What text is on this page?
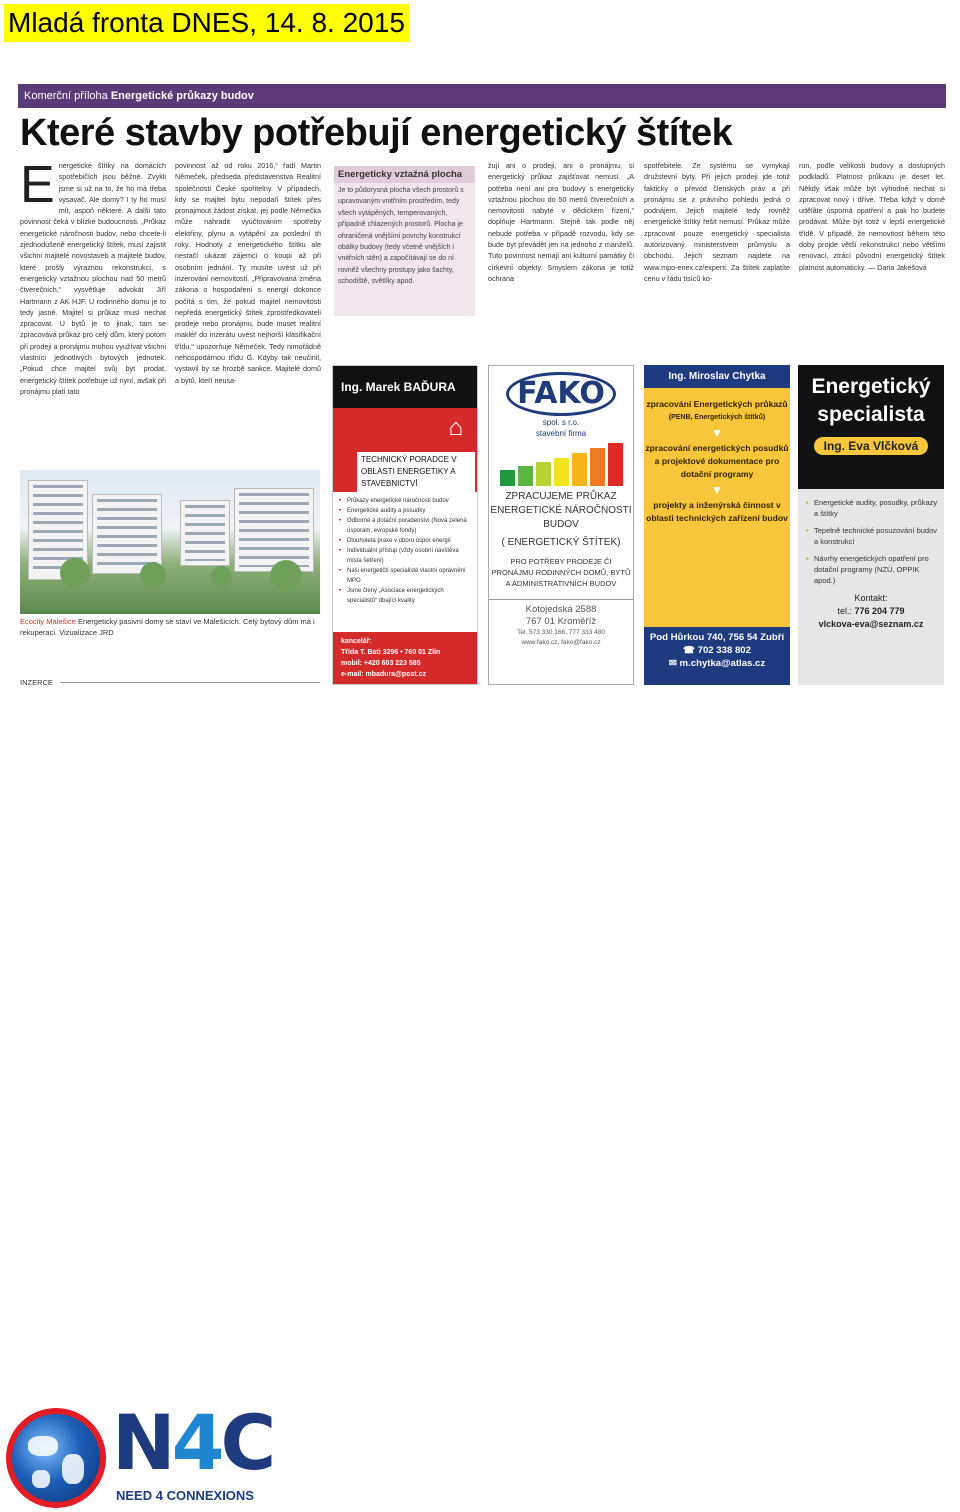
Mladá fronta DNES, 14. 8. 2015
Komerční příloha Energetické průkazy budov
Které stavby potřebují energetický štítek
E nergetické štítky na domácích spotřebičích jsou běžné. Zvykli jsme si už na to, že ho má třeba vysavač. Ale domy? I ty ho musí mít, aspoň některé. A další tato povinnost čeká v blízké budoucnosti. „Průkaz energetické náročnosti budov, nebo chcete-li zjednodušeně energetický štítek, musí zajistit všichni majitelé novostaveb a majitelé budov, které prošly výraznou rekonstrukcí, s energeticky vztažnou plochou nad 50 metrů čtverečních,“ vysvětluje advokát Jiří Hartmann z AK HJF. U rodinného domu je to tedy jasné. Majitel si průkaz musí nechat zpracovat. U bytů je to jinak, tam se zpracovává průkaz pro celý dům, který potom při prodeji a pronájmu mohou využívat všichni vlastníci jednotlivých bytových jednotek. „Pokud chce majitel svůj byt prodat, energetický štítek potřebuje už nyní, avšak při pronájmu platí tato
povinnost až od roku 2016,“ řadí Martin Němeček, předseda představenstva Realitní společnosti České spořitelny. V případech, kdy se majitel bytu nepodaří štítek přes pronajmout žádost získat, jej podle Němečka může nahradit vyúčtováním spotřeby elektřiny, plynu a vytápění za poslední tři roky. Hodnoty z energetického štítku ale nestačí ukázat zájemci o koupi až při osobním jednání. Ty musíte uvést už při inzerování nemovitosti. „Připravovaná změna zákona o hospodaření s energií dokonce počítá s tím, že pokud majitel nemovitosti nepředá energetický štítek zprostředkovateli prodeje nebo pronájmu, bude muset realitní makléř do inzerátu uvést nejhorší klasifikační třídu,“ upozorňuje Němeček. Tedy nimořádně nehospodárnou třídu G. Kdyby tak neučinil, vystavil by se hrozbě sankce. Majitelé domů a bytů, kteří neusa-
Energeticky vztažná plocha

Je to půdorysná plocha všech prostorů s upravovaným vnitřním prostředím, tedy všech vytápěných, temperovaných, případně chlazených prostorů. Plocha je ohraničená vnějšími povrchy konstrukcí obálky budovy (tedy včetně vnějších i vnitřních stěn) a započítávají se do ní rovněž všechny prostupy jako šachty, schodiště, světlíky apod.

žují ani o prodeji, ani o pronájmu, si energetický průkaz zajišťovat nemusí. „A potřeba není ani pro budovy s energeticky vztažnou plochou do 50 metrů čtverečních a nemovitosti nabyté v dědickém řízení,“ doplňuje Hartmann. Stejně tak podle něj nebude potřeba v případě rozvodu, kdy se bude byt převádět jen na jednoho z manželů. Tuto povinnost nemají ani kulturní památky či církevní objekty. Smyslem zákona je totiž ochrana
spotřebitele. Ze systému se vymykají družstevní byty. Při jejich prodeji jde totiž fakticky o převod členských práv a při pronájmu se z právního pohledu jedná o podnájem. Jejich majitelé tedy rovněž energetické štítky řešit nemusí. Průkaz může zpracovat pouze energetický specialista autorizovaný ministerstvem průmyslu a obchodu. Jejich seznam najdete na www.mpo-enex.cz/experti. Za štítek zaplatíte cenu v řádu tisíců ko-
run, podle velikosti budovy a dostupných podkladů. Platnost průkazu je deset let. Někdy však může být výhodné nechat si zpracovat nový i dříve. Třeba když v domě udělâte úsporná opatření a pak ho budete prodávat. Může být totiž v lepší energetické třídě. V případě, že nemovitost během této doby projde větší rekonstrukcí nebo většími renovací, ztrácí původní energetický štítek platnost automaticky. — Dana Jakešová
Ecocity Malešice Energeticky pasivní domy se staví ve Malešicích. Celý bytový dům má i rekuperaci. Vizualizace JRD
INZERCE
Ing. Marek BAĎURA
⌂
TECHNICKÝ PORADCE V OBLASTI ENERGETIKY A STAVEBNICTVÍ
• Průkazy energetické náročnosti budov
• Energetické audity a posudky
• Odborné a dotační poradenství (Nová zelená úsporám, evropské fondy)
• Dlouholetá praxe v oboru úspor energií
• Individuální přístup (vždy osobní návštěva místa šetření)
• Naši energetičtí specialisté vlastní oprávnění MPO
• Jsme členy „Asociace energetických specialistů“ dbající kvality
kancelář:
Třída T. Bati 3296 • 760 01 Zlín
mobil: +420 603 223 585
e-mail: mbadura@post.cz
FAKO
spol. s r.o.
stavební firma
ZPRACUJEME PRŮKAZ ENERGETICKÉ NÁROČNOSTI BUDOV
( ENERGETICKÝ ŠTÍTEK)
PRO POTŘEBY PRODEJE ČI PRONÁJMU RODINNÝCH DOMŮ, BYTŮ A ADMINISTRATIVNÍCH BUDOV
Kotojedská 2588
767 01 Kroměříž
Tel. 573 330 166, 777 333 480
www.fako.cz, fako@fako.cz
Ing. Miroslav Chytka
zpracování Energetických průkazů
(PENB, Energetických štítků)
▼
zpracování energetických posudků a projektové dokumentace pro dotační programy
▼
projekty a inženýrská činnost v oblasti technických zařízení budov
Pod Hůrkou 740, 756 54 Zubří
☎ 702 338 802
✉ m.chytka@atlas.cz
Energetický specialista
Ing. Eva Vlčková
• Energetické audity, posudky, průkazy a štítky
• Tepelně technické posuzování budov a konstrukcí
• Návrhy energetických opatření pro dotační programy (NZÚ, OPPIK apod.)
Kontakt:
tel.: 776 204 779
vlckova-eva@seznam.cz
N4C
NEED 4 CONNEXIONS
